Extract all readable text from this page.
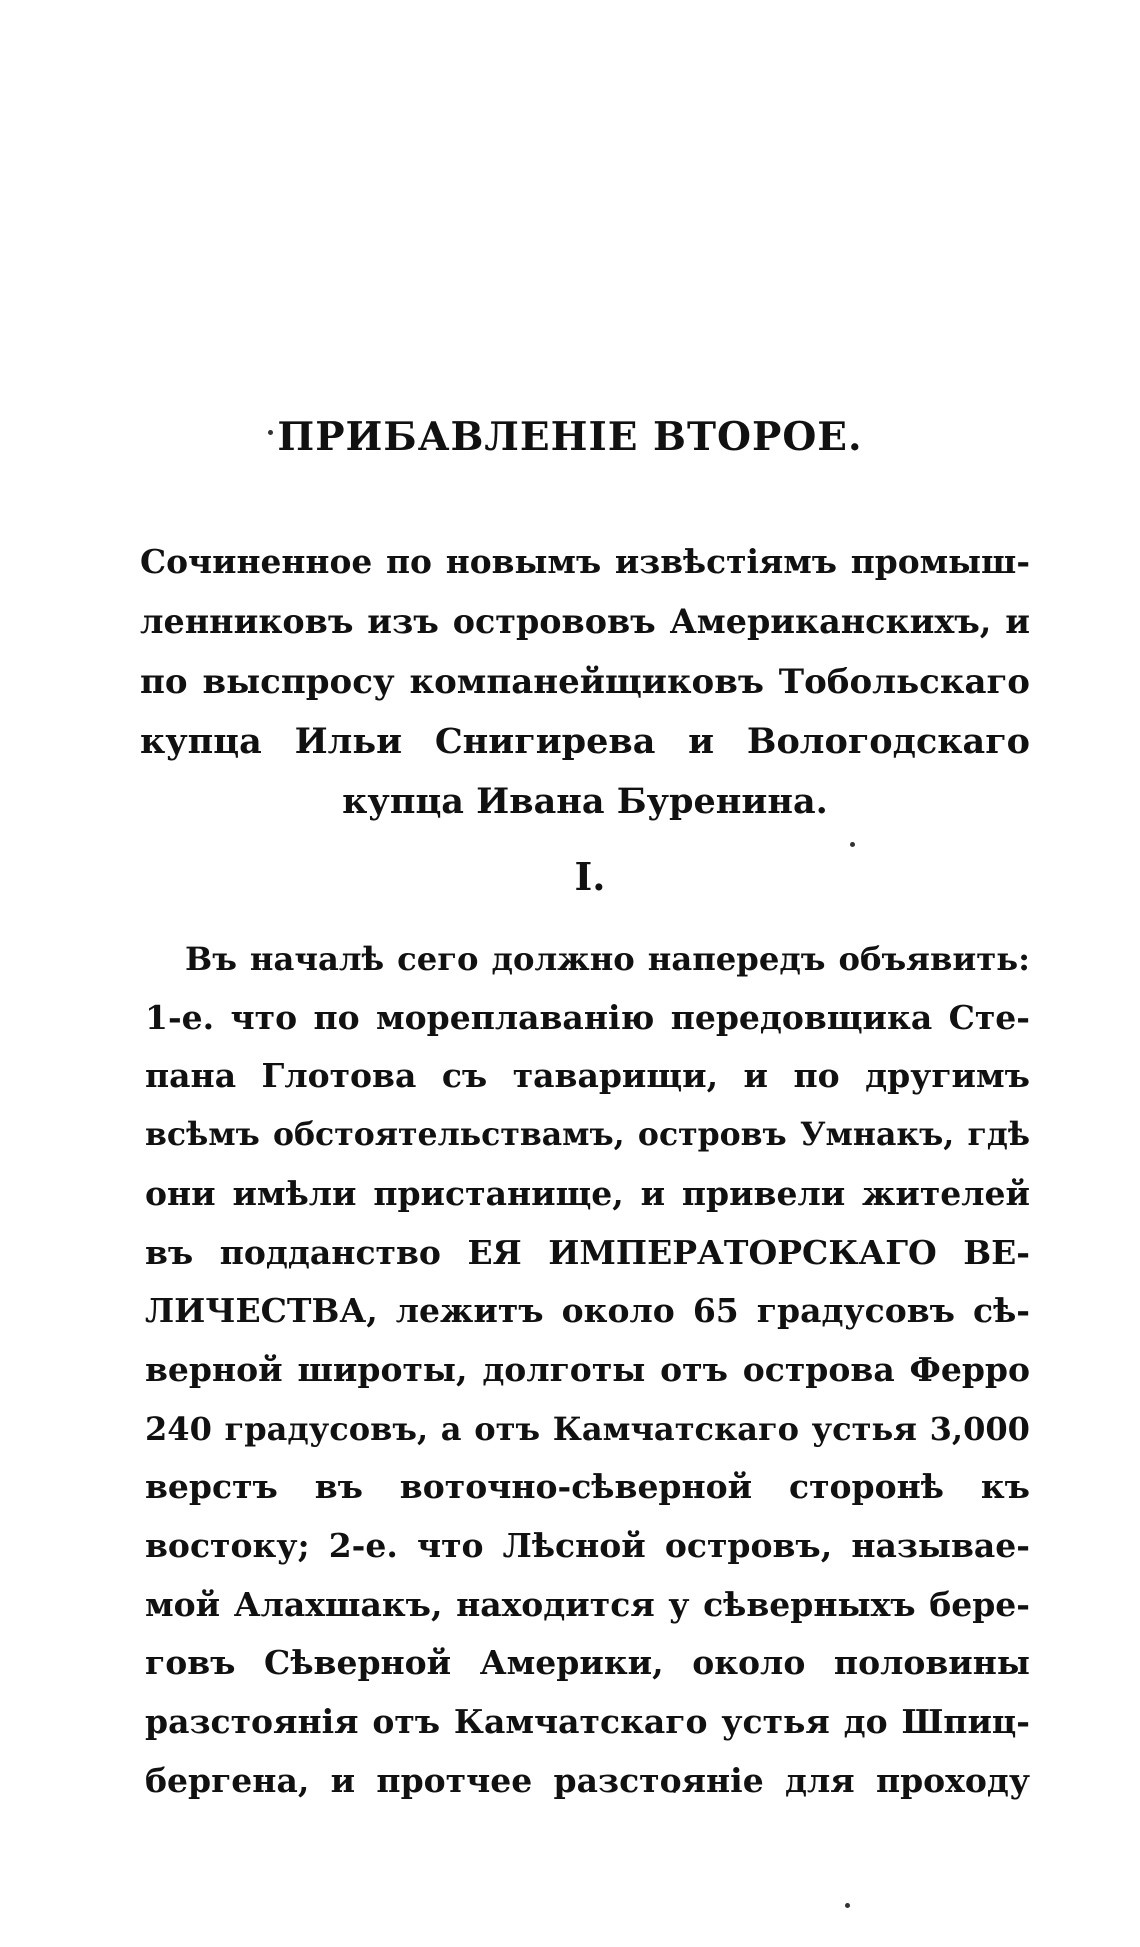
ПРИБАВЛЕНІЕ ВТОРОЕ.
Сочиненное по новымъ извѣстіямъ промыш-
ленниковъ изъ острововъ Американскихъ, и
по выспросу компанейщиковъ Тобольскаго
купца Ильи Снигирева и Вологодскаго
купца Ивана Буренина.
I.
Въ началѣ сего должно напередъ объявить:
1-е. что по мореплаванію передовщика Сте-
пана Глотова съ таварищи, и по другимъ
всѣмъ обстоятельствамъ, островъ Умнакъ, гдѣ
они имѣли пристанище, и привели жителей
въ подданство ЕЯ ИМПЕРАТОРСКАГО ВЕ-
ЛИЧЕСТВА, лежитъ около 65 градусовъ сѣ-
верной широты, долготы отъ острова Ферро
240 градусовъ, а отъ Камчатскаго устья 3,000
верстъ въ воточно-сѣверной сторонѣ къ
востоку; 2-е. что Лѣсной островъ, называе-
мой Алахшакъ, находится у сѣверныхъ бере-
говъ Сѣверной Америки, около половины
разстоянія отъ Камчатскаго устья до Шпиц-
бергена, и протчее разстояніе для проходу
